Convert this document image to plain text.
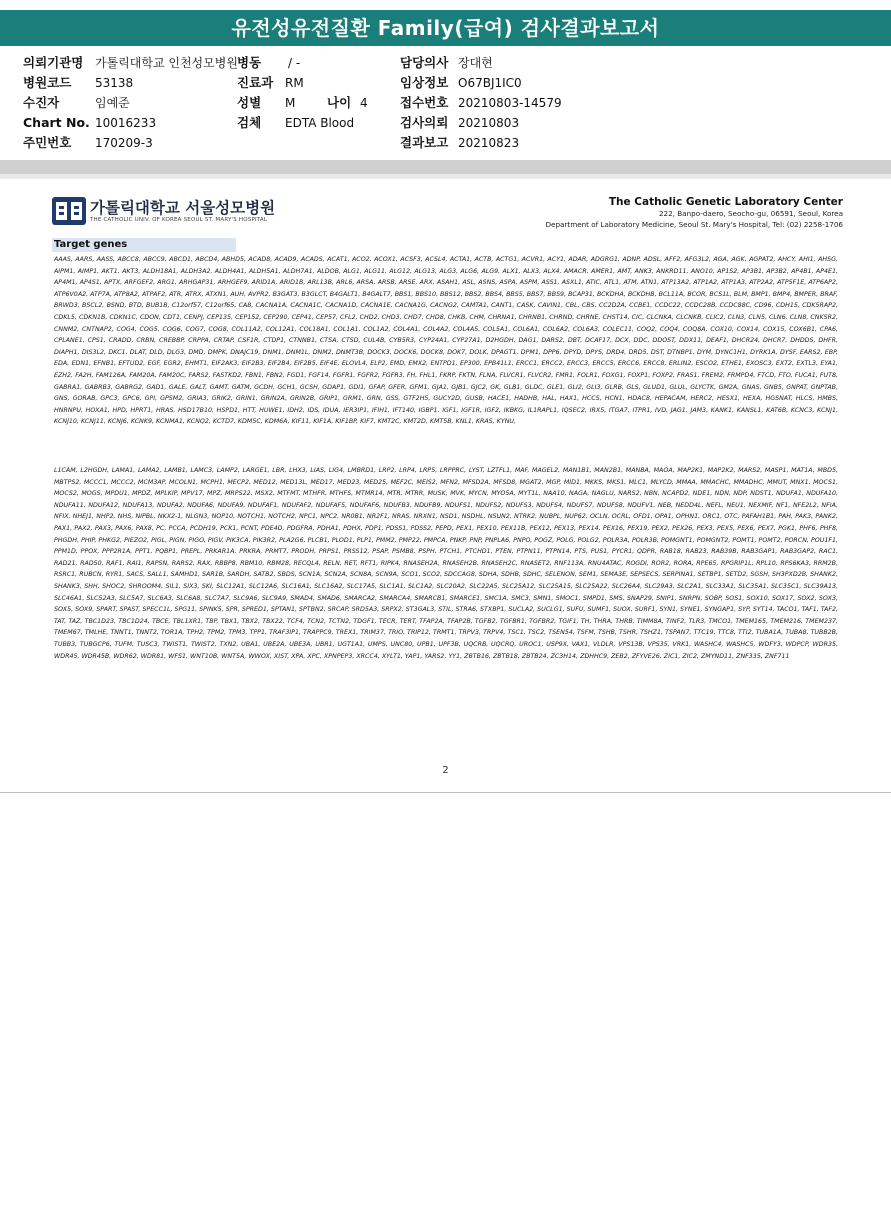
유전성유전질환 Family(급여) 검사결과보고서
의뢰기관명 가톨릭대학교 인천성모병원
병원코드 53138
수진자	임예준
Chart No. 10016233
주민번호 170209-3
병동 / -
진료과 RM
성별 M	나이 4
검체 EDTA Blood
담당의사 장대현
임상정보 O67BJ1IC0
접수번호 20210803-14579
검사의뢰 20210803
결과보고 20210823
가톨릭대학교 서울성모병원
THE CATHOLIC UNIV. OF KOREA SEOUL ST. MARY'S HOSPITAL
The Catholic Genetic Laboratory Center
222, Banpo-daero, Seocho-gu, 06591, Seoul, Korea
Department of Laboratory Medicine, Seoul St. Mary's Hospital, Tel: (02) 2258-1706
Target genes
AAAS, AARS, AASS, ABCC8, ABCC9, ABCD1, ABCD4, ABHD5, ACAD8, ACAD9, ACADS, ACAT1, ACO2, ACOX1, ACSF3, ACSL4, ACTA1, ACTB, ACTG1, ACVR1, ACY1, ADAR, ADGRG1, ADNP, ADSL, AFF2, AFG3L2, AGA, AGK, AGPAT2, AHCY, AHI1, AHSG, AIPM1, AIMP1, AKT1, AKT3, ALDH18A1, ALDH3A2, ALDH4A1, ALDH5A1, ALDH7A1, ALDOB, ALG1, ALG11, ALG12, ALG13, ALG3, ALG6, ALG9, ALX1, ALX3, ALX4, AMACR, AMER1, AMT, ANK3, ANKRD11, ANO10, AP1S2, AP3B1, AP3B2, AP4B1, AP4E1, AP4M1, AP4S1, APTX, ARFGEF2, ARG1, ARHGAP31, ARHGEF9, ARID1A, ARID1B, ARL13B, ARL6, ARSA, ARSB, ARSE, ARX, ASAH1, ASL, ASNS, ASPA, ASPM, ASS1, ASXL1, ATIC, ATL1, ATM, ATN1, ATP13A2, ATP1A2, ATP1A3, ATP2A2, ATP5F1E, ATP6AP2, ATP6V0A2, ATP7A, ATP8A2, ATPAF2, ATR, ATRX, ATXN1, AUH, AVPR2, B3GAT3, B3GLCT, B4GALT1, B4GALT7, BBS1, BBS10, BBS12, BBS2, BBS4, BBS5, BBS7, BBS9, BCAP31, BCKDHA, BCKDHB, BCL11A, BCOR, BCS1L, BLM, BMP1, BMP4, BMPER, BRAF, BRWD3, BSCL2, BSND, BTD, BUB1B, C12orf57, C12orf65, CA8, CACNA1A, CACNA1C, CACNA1D, CACNA1E, CACNA1G, CACNG2, CAMTA1, CANT1, CASK, CAVIN1, CBL, CBS, CC2D2A, CCBE1, CCDC22, CCDC28B, CCDC88C, CD96, CDH15, CDK5RAP2, CDKL5, CDKN1B, CDKN1C, CDON, CDT1, CENPJ, CEP135, CEP152, CEP290, CEP41, CEP57, CFL2, CHD2, CHD3, CHD7, CHD8, CHKB, CHM, CHRNA1, CHRNB1, CHRND, CHRNE, CHST14, CIC, CLCNKA, CLCNKB, CLIC2, CLN3, CLN5, CLN6, CLN8, CNKSR2, CNNM2, CNTNAP2, COG4, COG5, COG6, COG7, COG8, COL11A2, COL12A1, COL18A1, COL1A1, COL1A2, COL4A1, COL4A2, COL4A5, COL5A1, COL6A1, COL6A2, COL6A3, COLEC11, COQ2, COQ4, COQ8A, COX10, COX14, COX15, COX6B1, CPA6, CPLANE1, CPS1, CRADD, CRBN, CREBBP, CRPPA, CRTAP, CSF1R, CTDP1, CTNNB1, CTSA, CTSD, CUL4B, CYB5R3, CYP24A1, CYP27A1, D2HGDH, DAG1, DARS2, DBT, DCAF17, DCX, DDC, DDOST, DDX11, DEAF1, DHCR24, DHCR7, DHDDS, DHFR, DIAPH1, DIS3L2, DKC1, DLAT, DLD, DLG3, DMD, DMPK, DNAJC19, DNM1, DNM1L, DNM2, DNMT3B, DOCK3, DOCK6, DOCK8, DOK7, DOLK, DPAGT1, DPM1, DPP6, DPYD, DPYS, DRD4, DRD5, DST, DTNBP1, DYM, DYNC1H1, DYRK1A, DYSF, EARS2, EBP, EDA, EDN1, EFNB1, EFTUD2, EGF, EGR2, EHMT1, EIF2AK3, EIF2B3, EIF2B4, EIF2B5, EIF4E, ELOVL4, ELP2, EMD, EMX2, ENTPD1, EP300, EPB41L1, ERCC1, ERCC2, ERCC3, ERCC5, ERCC6, ERCC8, ERLIN2, ESCO2, ETHE1, EXOSC3, EXT2, EXTL3, EYA1, EZH2, FA2H, FAM126A, FAM20A, FAM20C, FARS2, FASTKD2, FBN1, FBN2, FGD1, FGF14, FGFR1, FGFR2, FGFR3, FH, FHL1, FKRP, FKTN, FLNA, FLVCR1, FLVCR2, FMR1, FOLR1, FOXG1, FOXP1, FOXP2, FRAS1, FREM2, FRMPD4, FTCD, FTO, FUCA1, FUT8, GABRA1, GABRB3, GABRG2, GAD1, GALE, GALT, GAMT, GATM, GCDH, GCH1, GCSH, GDAP1, GDI1, GFAP, GFER, GFM1, GJA1, GJB1, GJC2, GK, GLB1, GLDC, GLE1, GLI2, GLI3, GLRB, GLS, GLUD1, GLUL, GLYCTK, GM2A, GNAS, GNB5, GNPAT, GNPTAB, GNS, GORAB, GPC3, GPC6, GPI, GPSM2, GRIA3, GRIK2, GRIN1, GRIN2A, GRIN2B, GRIP1, GRM1, GRN, GSS, GTF2H5, GUCY2D, GUSB, HACE1, HADHB, HAL, HAX1, HCCS, HCN1, HDAC8, HEPACAM, HERC2, HESX1, HEXA, HGSNAT, HLCS, HMBS, HNRNPU, HOXA1, HPD, HPRT1, HRAS, HSD17B10, HSPD1, HTT, HUWE1, IDH2, IDS, IDUA, IER3IP1, IFIH1, IFT140, IGBP1, IGF1, IGF1R, IGF2, IKBKG, IL1RAPL1, IQSEC2, IRX5, ITGA7, ITPR1, IVD, JAG1, JAM3, KANK1, KANSL1, KAT6B, KCNC3, KCNJ1, KCNJ10, KCNJ11, KCNJ6, KCNK9, KCNMA1, KCNQ2, KCTD7, KDM5C, KDM6A, KIF11, KIF1A, KIF1BP, KIF7, KMT2C, KMT2D, KMT5B, KNL1, KRAS, KYNU,
L1CAM, L2HGDH, LAMA1, LAMA2, LAMB1, LAMC3, LAMP2, LARGE1, LBR, LHX3, LIAS, LIG4, LMBRD1, LRP2, LRP4, LRP5, LRPPRC, LYST, LZTFL1, MAF, MAGEL2, MAN1B1, MAN2B1, MANBA, MAOA, MAP2K1, MAP2K2, MARS2, MASP1, MAT1A, MBD5, MBTPS2, MCCC1, MCCC2, MCM3AP, MCOLN1, MCPH1, MECP2, MED12, MED13L, MED17, MED23, MED25, MEF2C, MEIS2, MFN2, MFSD2A, MFSD8, MGAT2, MGP, MID1, MKKS, MKS1, MLC1, MLYCD, MMAA, MMACHC, MMADHC, MMUT, MNX1, MOCS1, MOCS2, MOGS, MPDU1, MPDZ, MPLKIP, MPV17, MPZ, MRPS22, MSX2, MTFMT, MTHFR, MTHFS, MTMR14, MTR, MTRR, MUSK, MVK, MYCN, MYO5A, MYT1L, NAA10, NAGA, NAGLU, NARS2, NBN, NCAPD2, NDE1, NDN, NDP, NDST1, NDUFA1, NDUFA10, NDUFA11, NDUFA12, NDUFA13, NDUFA2, NDUFA6, NDUFA9, NDUFAF1, NDUFAF2, NDUFAF5, NDUFAF6, NDUFB3, NDUFB9, NDUFS1, NDUFS2, NDUFS3, NDUFS4, NDUFS7, NDUFS8, NDUFV1, NEB, NEDD4L, NEFL, NEU1, NEXMIF, NF1, NFE2L2, NFIA, NFIX, NHEJ1, NHP2, NHS, NIPBL, NKX2-1, NLGN3, NOP10, NOTCH1, NOTCH2, NPC1, NPC2, NR0B1, NR2F1, NRAS, NRXN1, NSD1, NSDHL, NSUN2, NTRK2, NUBPL, NUP62, OCLN, OCRL, OFD1, OPA1, OPHN1, ORC1, OTC, PAFAH1B1, PAH, PAK3, PANK2, PAX1, PAX2, PAX3, PAX6, PAX8, PC, PCCA, PCDH19, PCK1, PCNT, PDE4D, PDGFRA, PDHA1, PDHX, PDP1, PDSS1, PDSS2, PEPD, PEX1, PEX10, PEX11B, PEX12, PEX13, PEX14, PEX16, PEX19, PEX2, PEX26, PEX3, PEX5, PEX6, PEX7, PGK1, PHF6, PHF8, PHGDH, PHIP, PHKG2, PIEZO2, PIGL, PIGN, PIGO, PIGV, PIK3CA, PIK3R2, PLA2G6, PLCB1, PLOD1, PLP1, PMM2, PMP22, PMPCA, PNKP, PNP, PNPLA6, PNPO, POGZ, POLG, POLG2, POLR3A, POLR3B, POMGNT1, POMGNT2, POMT1, POMT2, PORCN, POU1F1, PPM1D, PPOX, PPP2R1A, PPT1, PQBP1, PREPL, PRKAR1A, PRKRA, PRMT7, PRODH, PRPS1, PRSS12, PSAP, PSMB8, PSPH, PTCH1, PTCHD1, PTEN, PTPN11, PTPN14, PTS, PUS1, PYCR1, QDPR, RAB18, RAB23, RAB39B, RAB3GAP1, RAB3GAP2, RAC1, RAD21, RAD50, RAF1, RAI1, RAPSN, RARS2, RAX, RBBP8, RBM10, RBM28, RECQL4, RELN, RET, RFT1, RIPK4, RNASEH2A, RNASEH2B, RNASEH2C, RNASET2, RNF113A, RNU4ATAC, ROGDI, ROR2, RORA, RPE65, RPGRIP1L, RPL10, RPS6KA3, RRM2B, RSRC1, RUBCN, RYR1, SACS, SALL1, SAMHD1, SAR1B, SARDH, SATB2, SBDS, SCN1A, SCN2A, SCN8A, SCN9A, SCO1, SCO2, SDCCAG8, SDHA, SDHB, SDHC, SELENON, SEM1, SEMA3E, SEPSECS, SERPINA1, SETBP1, SETD2, SGSH, SH3PXD2B, SHANK2, SHANK3, SHH, SHOC2, SHROOM4, SIL1, SIX3, SKI, SLC12A1, SLC12A6, SLC16A1, SLC16A2, SLC17A5, SLC1A1, SLC1A2, SLC20A2, SLC22A5, SLC25A12, SLC25A15, SLC25A22, SLC26A4, SLC29A3, SLC2A1, SLC33A1, SLC35A1, SLC35C1, SLC39A13, SLC46A1, SLC52A3, SLC5A7, SLC6A3, SLC6A8, SLC7A7, SLC9A6, SLC9A9, SMAD4, SMAD6, SMARCA2, SMARCA4, SMARCB1, SMARCE1, SMC1A, SMC3, SMN1, SMOC1, SMPD1, SMS, SNAP29, SNIP1, SNRPN, SOBP, SOS1, SOX10, SOX17, SOX2, SOX3, SOX5, SOX9, SPART, SPAST, SPECC1L, SPG11, SPINK5, SPR, SPRED1, SPTAN1, SPTBN2, SRCAP, SRD5A3, SRPX2, ST3GAL3, STIL, STRA6, STXBP1, SUCLA2, SUCLG1, SUFU, SUMF1, SUOX, SURF1, SYN1, SYNE1, SYNGAP1, SYP, SYT14, TACO1, TAF1, TAF2, TAT, TAZ, TBC1D23, TBC1D24, TBCE, TBL1XR1, TBP, TBX1, TBX2, TBX22, TCF4, TCN2, TCTN2, TDGF1, TECR, TERT, TFAP2A, TFAP2B, TGFB2, TGFBR1, TGFBR2, TGIF1, TH, THRA, THRB, TIMM8A, TINF2, TLR3, TMCO1, TMEM165, TMEM216, TMEM237, TMEM67, TMLHE, TNNT1, TNNT2, TOR1A, TPH2, TPM2, TPM3, TPP1, TRAF3IP1, TRAPPC9, TREX1, TRIM37, TRIO, TRIP12, TRMT1, TRPV3, TRPV4, TSC1, TSC2, TSEN54, TSFM, TSHB, TSHR, TSHZ1, TSPAN7, TTC19, TTC8, TTI2, TUBA1A, TUBA8, TUBB2B, TUBB3, TUBGCP6, TUFM, TUSC3, TWIST1, TWIST2, TXN2, UBA1, UBE2A, UBE3A, UBR1, UGT1A1, UMPS, UNC80, UPB1, UPF3B, UQCRB, UQCRQ, UROC1, USP9X, VAX1, VLDLR, VPS13B, VPS35, VRK1, WASHC4, WASHC5, WDFY3, WDPCP, WDR35, WDR45, WDR45B, WDR62, WDR81, WFS1, WNT10B, WNT5A, WWOX, XIST, XPA, XPC, XPNPEP3, XRCC4, XYLT1, YAP1, YARS2, YY1, ZBTB16, ZBTB18, ZBTB24, ZC3H14, ZDHHC9, ZEB2, ZFYVE26, ZIC1, ZIC2, ZMYND11, ZNF335, ZNF711
2
